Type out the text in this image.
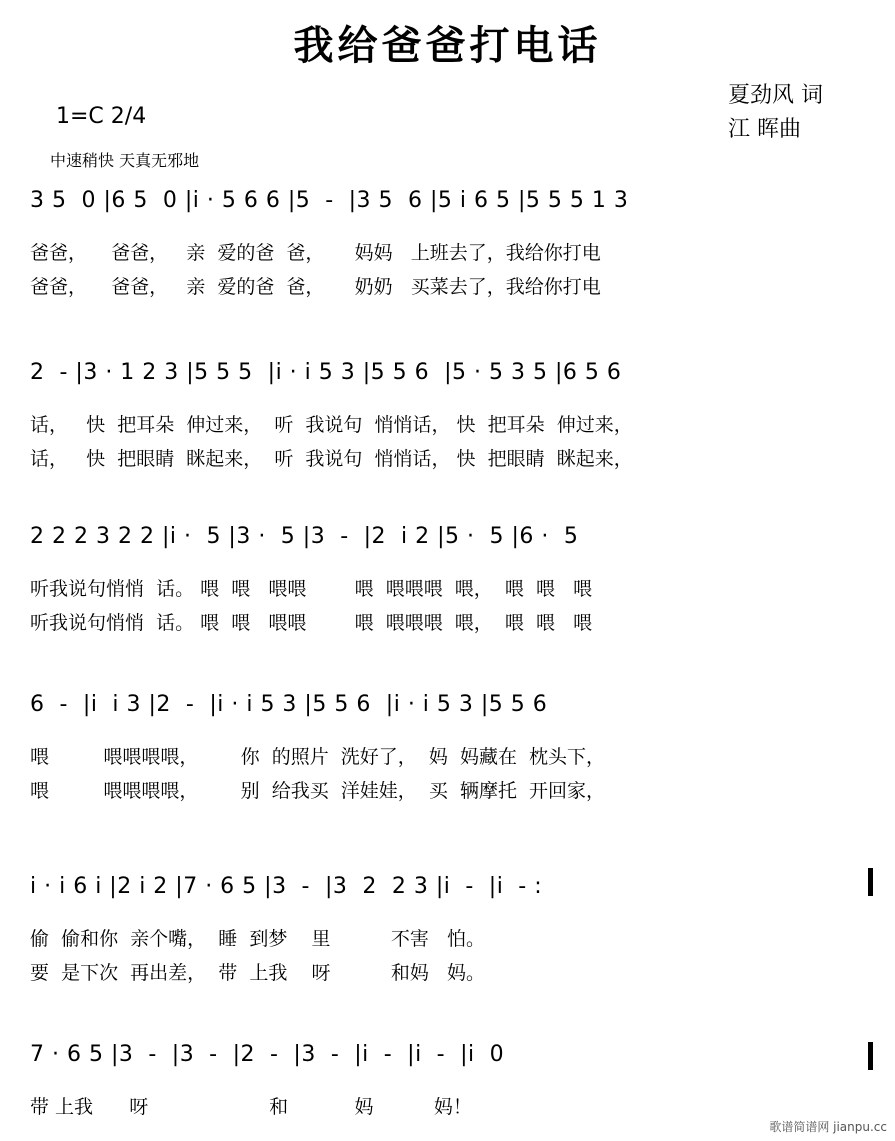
我给爸爸打电话
夏劲风 词
江 晖曲
1=C 2/4
中速稍快 天真无邪地
3 5  0 |6 5  0 |i · 5 6 6 |5  -  |3 5  6 |5 i 6 5 |5 5 5 1 3
爸爸，    爸爸，   亲  爱的爸  爸，     妈妈   上班去了，我给你打电
爸爸，    爸爸，   亲  爱的爸  爸，     奶奶   买菜去了，我给你打电
2  - |3 · 1 2 3 |5 5 5  |i · i 5 3 |5 5 6  |5 · 5 3 5 |6 5 6
话，   快  把耳朵  伸过来，  听  我说句  悄悄话， 快  把耳朵  伸过来，
话，   快  把眼睛  眯起来，  听  我说句  悄悄话， 快  把眼睛  眯起来，
2 2 2 3 2 2 |i ·  5 |3 ·  5 |3  -  |2  i 2 |5 ·  5 |6 ·  5
听我说句悄悄  话。 喂  喂   喂喂        喂  喂喂喂  喂，  喂  喂   喂
听我说句悄悄  话。 喂  喂   喂喂        喂  喂喂喂  喂，  喂  喂   喂
6  -  |i  i 3 |2  -  |i · i 5 3 |5 5 6  |i · i 5 3 |5 5 6
喂         喂喂喂喂，       你  的照片  洗好了，  妈  妈藏在  枕头下，
喂         喂喂喂喂，       别  给我买  洋娃娃，  买  辆摩托  开回家，
i · i 6 i |2 i 2 |7 · 6 5 |3  -  |3  2  2 3 |i  -  |i  - :
偷  偷和你  亲个嘴，  睡  到梦    里          不害   怕。
要  是下次  再出差，  带  上我    呀          和妈   妈。
7 · 6 5 |3  -  |3  -  |2  -  |3  -  |i  -  |i  -  |i  0
带 上我      呀                    和           妈          妈！
歌谱简谱网 jianpu.cc
